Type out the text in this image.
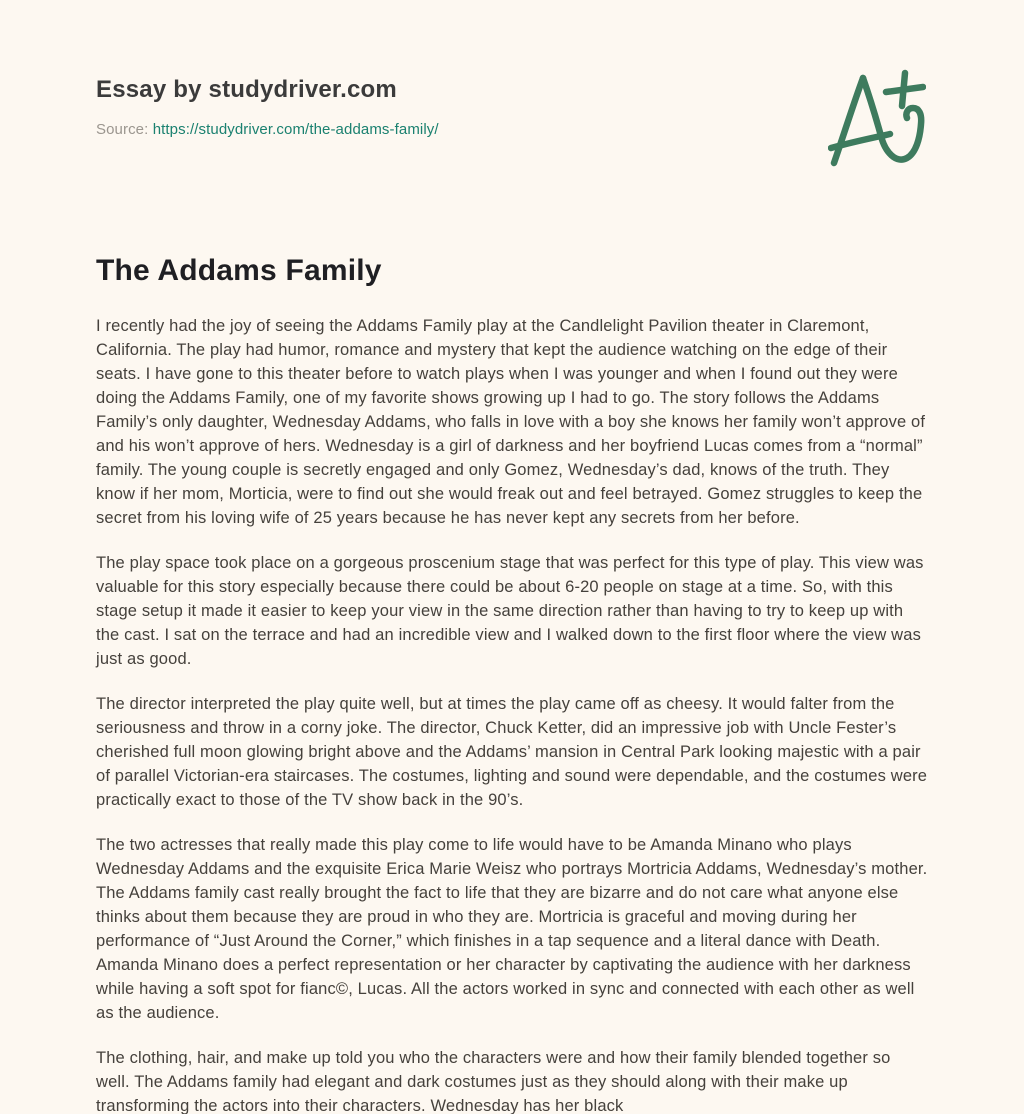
Essay by studydriver.com
Source: https://studydriver.com/the-addams-family/
The Addams Family

I recently had the joy of seeing the Addams Family play at the Candlelight Pavilion theater in Claremont, California. The play had humor, romance and mystery that kept the audience watching on the edge of their seats. I have gone to this theater before to watch plays when I was younger and when I found out they were doing the Addams Family, one of my favorite shows growing up I had to go. The story follows the Addams Family’s only daughter, Wednesday Addams, who falls in love with a boy she knows her family won’t approve of and his won’t approve of hers. Wednesday is a girl of darkness and her boyfriend Lucas comes from a “normal” family. The young couple is secretly engaged and only Gomez, Wednesday’s dad, knows of the truth. They know if her mom, Morticia, were to find out she would freak out and feel betrayed. Gomez struggles to keep the secret from his loving wife of 25 years because he has never kept any secrets from her before.

The play space took place on a gorgeous proscenium stage that was perfect for this type of play. This view was valuable for this story especially because there could be about 6-20 people on stage at a time. So, with this stage setup it made it easier to keep your view in the same direction rather than having to try to keep up with the cast. I sat on the terrace and had an incredible view and I walked down to the first floor where the view was just as good.

The director interpreted the play quite well, but at times the play came off as cheesy. It would falter from the seriousness and throw in a corny joke. The director, Chuck Ketter, did an impressive job with Uncle Fester’s cherished full moon glowing bright above and the Addams’ mansion in Central Park looking majestic with a pair of parallel Victorian-era staircases. The costumes, lighting and sound were dependable, and the costumes were practically exact to those of the TV show back in the 90’s.

The two actresses that really made this play come to life would have to be Amanda Minano who plays Wednesday Addams and the exquisite Erica Marie Weisz who portrays Mortricia Addams, Wednesday’s mother. The Addams family cast really brought the fact to life that they are bizarre and do not care what anyone else thinks about them because they are proud in who they are. Mortricia is graceful and moving during her performance of “Just Around the Corner,” which finishes in a tap sequence and a literal dance with Death. Amanda Minano does a perfect representation or her character by captivating the audience with her darkness while having a soft spot for fianc©, Lucas. All the actors worked in sync and connected with each other as well as the audience.

The clothing, hair, and make up told you who the characters were and how their family blended together so well. The Addams family had elegant and dark costumes just as they should along with their make up transforming the actors into their characters. Wednesday has her black
